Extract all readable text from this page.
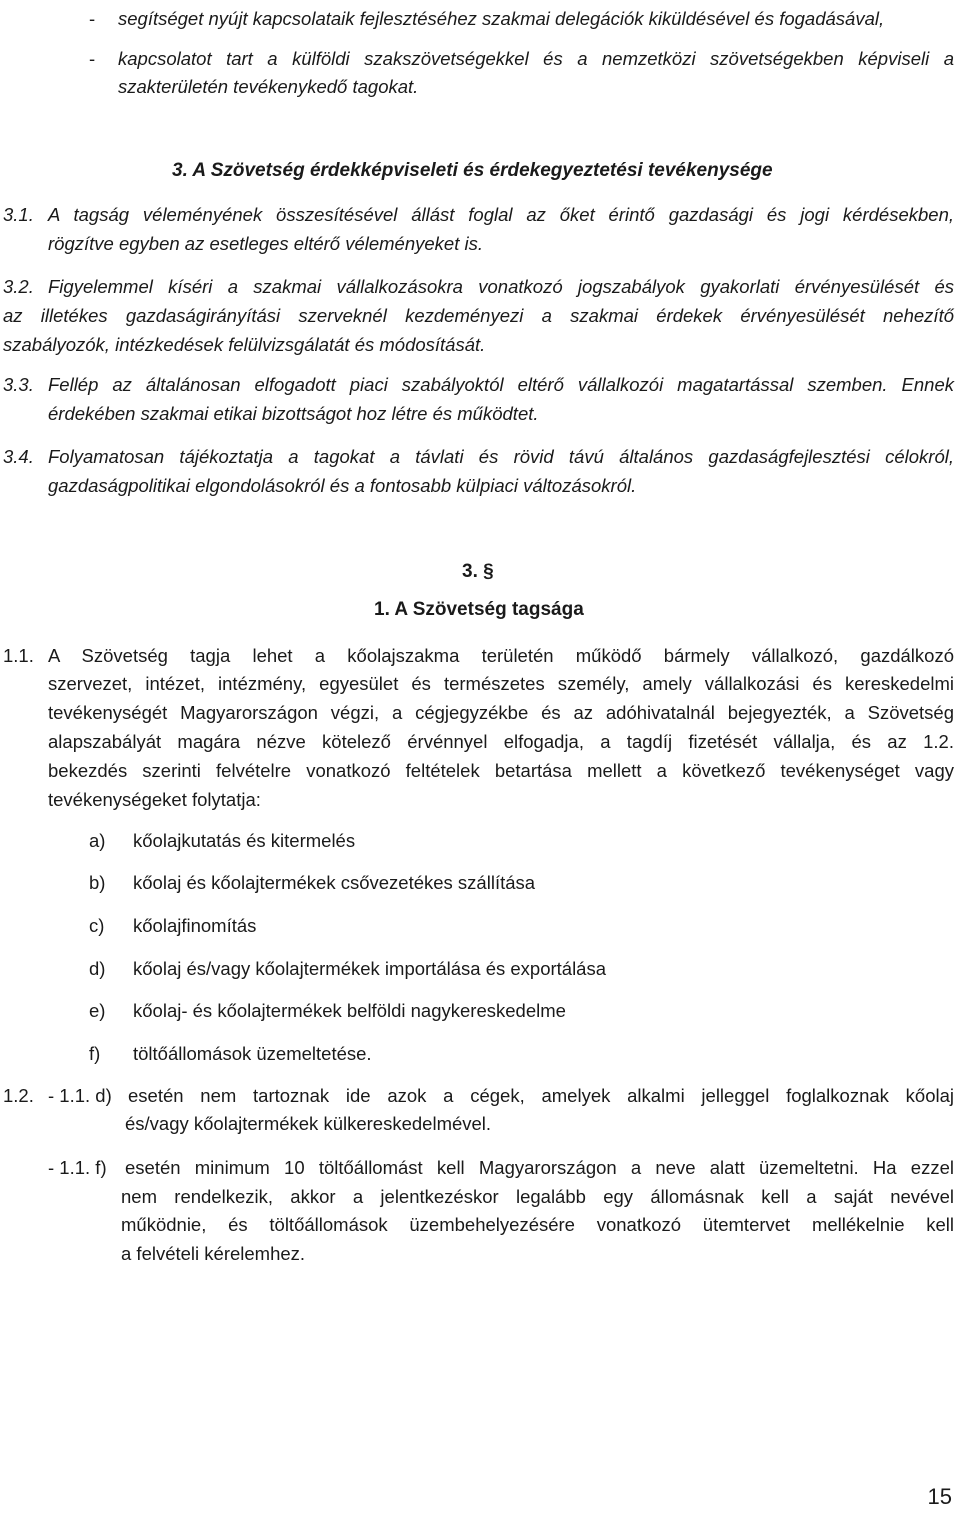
- segítséget nyújt kapcsolataik fejlesztéséhez szakmai delegációk kiküldésével és fogadásával,
- kapcsolatot tart a külföldi szakszövetségekkel és a nemzetközi szövetségekben képviseli a
szakterületén tevékenykedő tagokat.
3. A Szövetség érdekképviseleti és érdekegyeztetési tevékenysége
3.1. A tagság véleményének összesítésével állást foglal az őket érintő gazdasági és jogi kérdésekben,
rögzítve egyben az esetleges eltérő véleményeket is.
3.2. Figyelemmel kíséri a szakmai vállalkozásokra vonatkozó jogszabályok gyakorlati érvényesülését és
az illetékes gazdaságirányítási szerveknél kezdeményezi a szakmai érdekek érvényesülését nehezítő
szabályozók, intézkedések felülvizsgálatát és módosítását.
3.3. Fellép az általánosan elfogadott piaci szabályoktól eltérő vállalkozói magatartással szemben. Ennek
érdekében szakmai etikai bizottságot hoz létre és működtet.
3.4. Folyamatosan tájékoztatja a tagokat a távlati és rövid távú általános gazdaságfejlesztési célokról,
gazdaságpolitikai elgondolásokról és a fontosabb külpiaci változásokról.
3. §
1. A Szövetség tagsága
1.1. A Szövetség tagja lehet a kőolajszakma területén működő bármely vállalkozó, gazdálkozó
szervezet, intézet, intézmény, egyesület és természetes személy, amely vállalkozási és kereskedelmi
tevékenységét Magyarországon végzi, a cégjegyzékbe és az adóhivatalnál bejegyezték, a Szövetség
alapszabályát magára nézve kötelező érvénnyel elfogadja, a tagdíj fizetését vállalja, és az 1.2.
bekezdés szerinti felvételre vonatkozó feltételek betartása mellett a következő tevékenységet vagy
tevékenységeket folytatja:
a) kőolajkutatás és kitermelés
b) kőolaj és kőolajtermékek csővezetékes szállítása
c) kőolajfinomítás
d) kőolaj és/vagy kőolajtermékek importálása és exportálása
e) kőolaj- és kőolajtermékek belföldi nagykereskedelme
f) töltőállomások üzemeltetése.
1.2. - 1.1. d) esetén nem tartoznak ide azok a cégek, amelyek alkalmi jelleggel foglalkoznak kőolaj
és/vagy kőolajtermékek külkereskedelmével.
- 1.1. f) esetén minimum 10 töltőállomást kell Magyarországon a neve alatt üzemeltetni. Ha ezzel
nem rendelkezik, akkor a jelentkezéskor legalább egy állomásnak kell a saját nevével
működnie, és töltőállomások üzembehelyezésére vonatkozó ütemtervet mellékelnie kell
a felvételi kérelemhez.
15
